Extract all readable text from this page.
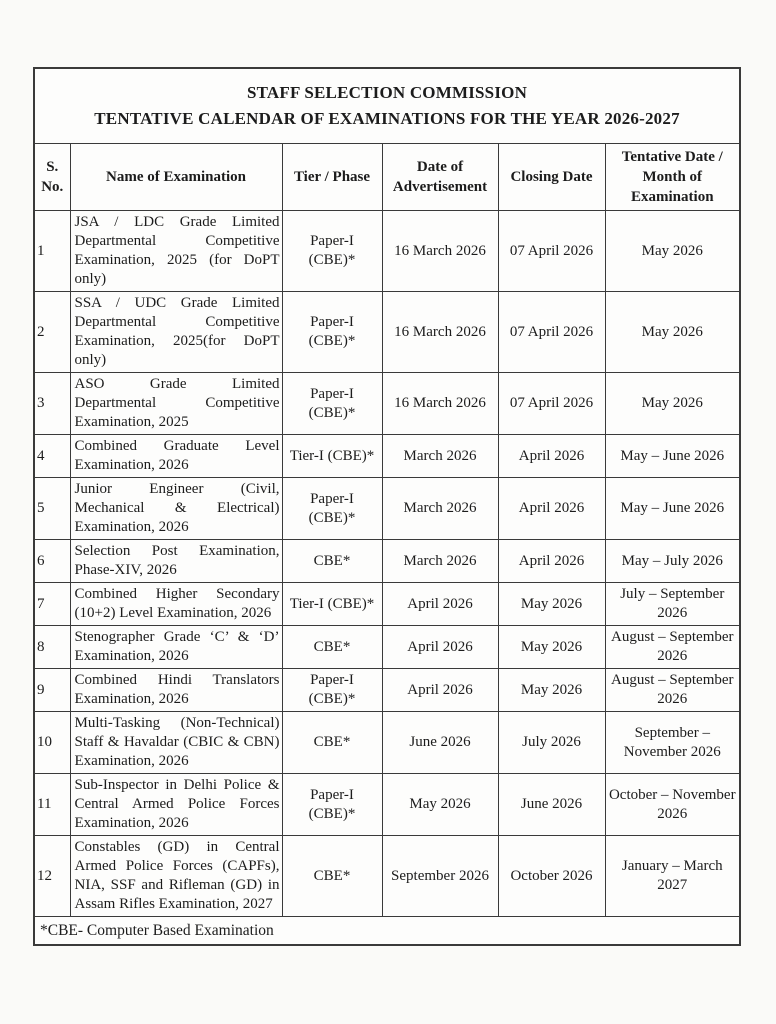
STAFF SELECTION COMMISSION
TENTATIVE CALENDAR OF EXAMINATIONS FOR THE YEAR 2026-2027					

S. No.	Name of Examination	Tier / Phase	Date of Advertisement	Closing Date	Tentative Date / Month of Examination
1	JSA / LDC Grade Limited Departmental Competitive Examination, 2025 (for DoPT only)	Paper-I (CBE)*	16 March 2026	07 April 2026	May 2026
2	SSA / UDC Grade Limited Departmental Competitive Examination, 2025(for DoPT only)	Paper-I (CBE)*	16 March 2026	07 April 2026	May 2026
3	ASO Grade Limited Departmental Competitive Examination, 2025	Paper-I (CBE)*	16 March 2026	07 April 2026	May 2026
4	Combined Graduate Level Examination, 2026	Tier-I (CBE)*	March 2026	April 2026	May – June 2026
5	Junior Engineer (Civil, Mechanical & Electrical) Examination, 2026	Paper-I (CBE)*	March 2026	April 2026	May – June 2026
6	Selection Post Examination, Phase-XIV, 2026	CBE*	March 2026	April 2026	May – July 2026
7	Combined Higher Secondary (10+2) Level Examination, 2026	Tier-I (CBE)*	April 2026	May 2026	July – September 2026
8	Stenographer Grade ‘C’ & ‘D’ Examination, 2026	CBE*	April 2026	May 2026	August – September 2026
9	Combined Hindi Translators Examination, 2026	Paper-I (CBE)*	April 2026	May 2026	August – September 2026
10	Multi-Tasking (Non-Technical) Staff & Havaldar (CBIC & CBN) Examination, 2026	CBE*	June 2026	July 2026	September – November 2026
11	Sub-Inspector in Delhi Police & Central Armed Police Forces Examination, 2026	Paper-I (CBE)*	May 2026	June 2026	October – November 2026
12	Constables (GD) in Central Armed Police Forces (CAPFs), NIA, SSF and Rifleman (GD) in Assam Rifles Examination, 2027	CBE*	September 2026	October 2026	January – March 2027
*CBE- Computer Based Examination					
